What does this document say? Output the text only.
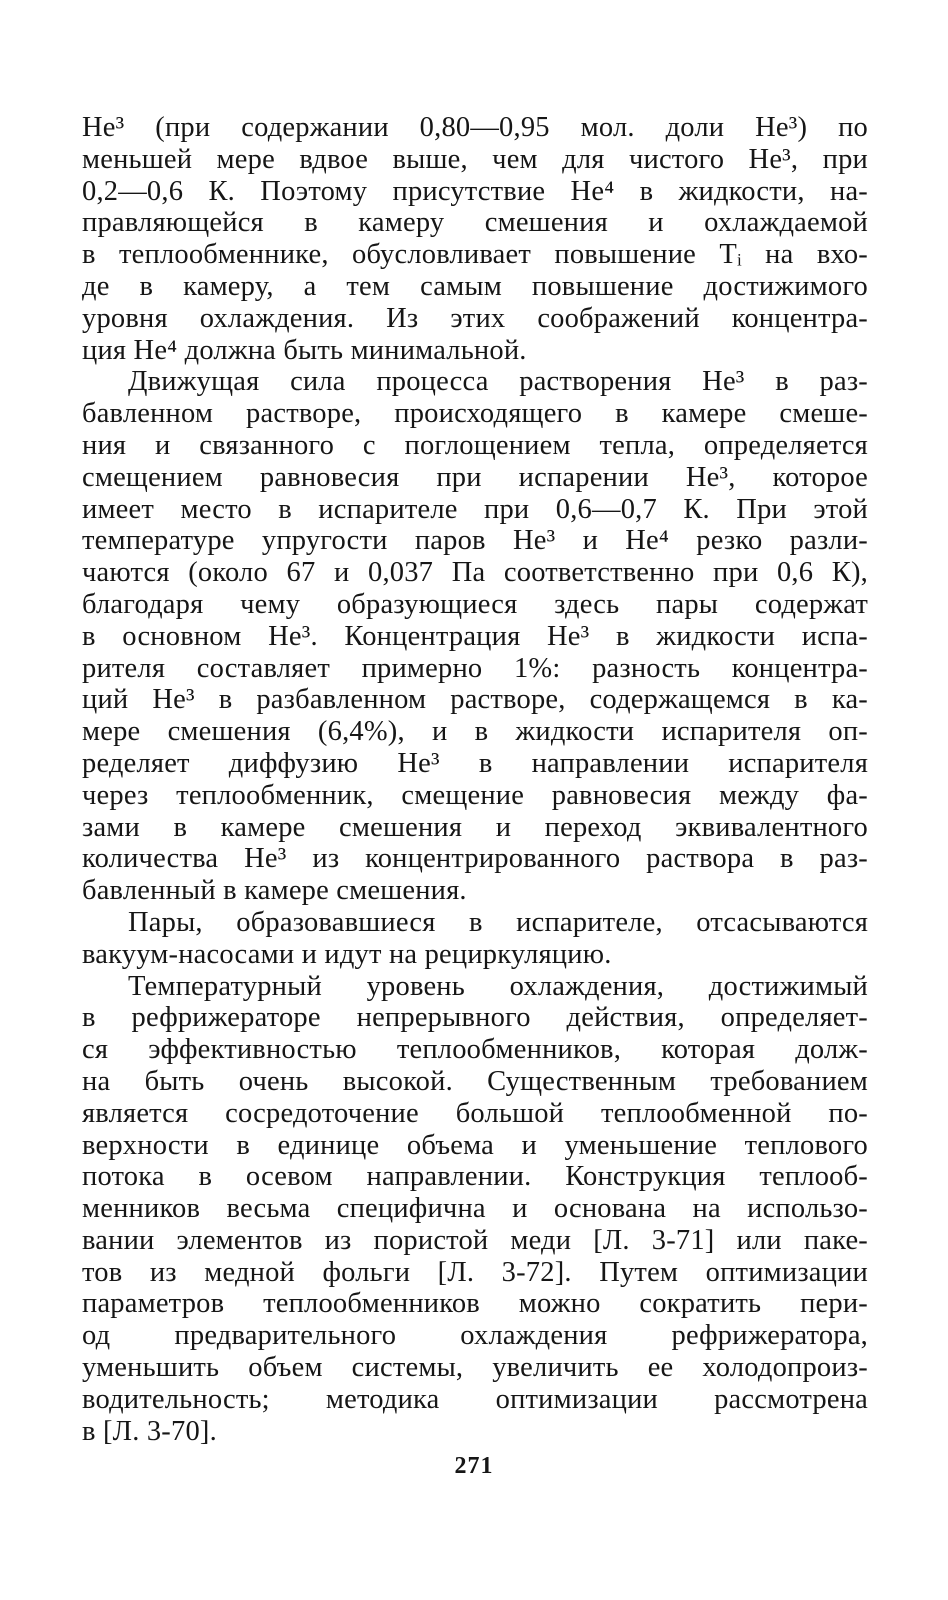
He³ (при содержании 0,80—0,95 мол. доли He³) по
меньшей мере вдвое выше, чем для чистого He³, при
0,2—0,6 К. Поэтому присутствие He⁴ в жидкости, на-
правляющейся в камеру смешения и охлаждаемой
в теплообменнике, обусловливает повышение Tᵢ на вхо-
де в камеру, а тем самым повышение достижимого
уровня охлаждения. Из этих соображений концентра-
ция He⁴ должна быть минимальной.
Движущая сила процесса растворения He³ в раз-
бавленном растворе, происходящего в камере смеше-
ния и связанного с поглощением тепла, определяется
смещением равновесия при испарении He³, которое
имеет место в испарителе при 0,6—0,7 К. При этой
температуре упругости паров He³ и He⁴ резко разли-
чаются (около 67 и 0,037 Па соответственно при 0,6 К),
благодаря чему образующиеся здесь пары содержат
в основном He³. Концентрация He³ в жидкости испа-
рителя составляет примерно 1%: разность концентра-
ций He³ в разбавленном растворе, содержащемся в ка-
мере смешения (6,4%), и в жидкости испарителя оп-
ределяет диффузию He³ в направлении испарителя
через теплообменник, смещение равновесия между фа-
зами в камере смешения и переход эквивалентного
количества He³ из концентрированного раствора в раз-
бавленный в камере смешения.
Пары, образовавшиеся в испарителе, отсасываются
вакуум-насосами и идут на рециркуляцию.
Температурный уровень охлаждения, достижимый
в рефрижераторе непрерывного действия, определяет-
ся эффективностью теплообменников, которая долж-
на быть очень высокой. Существенным требованием
является сосредоточение большой теплообменной по-
верхности в единице объема и уменьшение теплового
потока в осевом направлении. Конструкция теплооб-
менников весьма специфична и основана на использо-
вании элементов из пористой меди [Л. 3-71] или паке-
тов из медной фольги [Л. 3-72]. Путем оптимизации
параметров теплообменников можно сократить пери-
од предварительного охлаждения рефрижератора,
уменьшить объем системы, увеличить ее холодопроиз-
водительность; методика оптимизации рассмотрена
в [Л. 3-70].
271
